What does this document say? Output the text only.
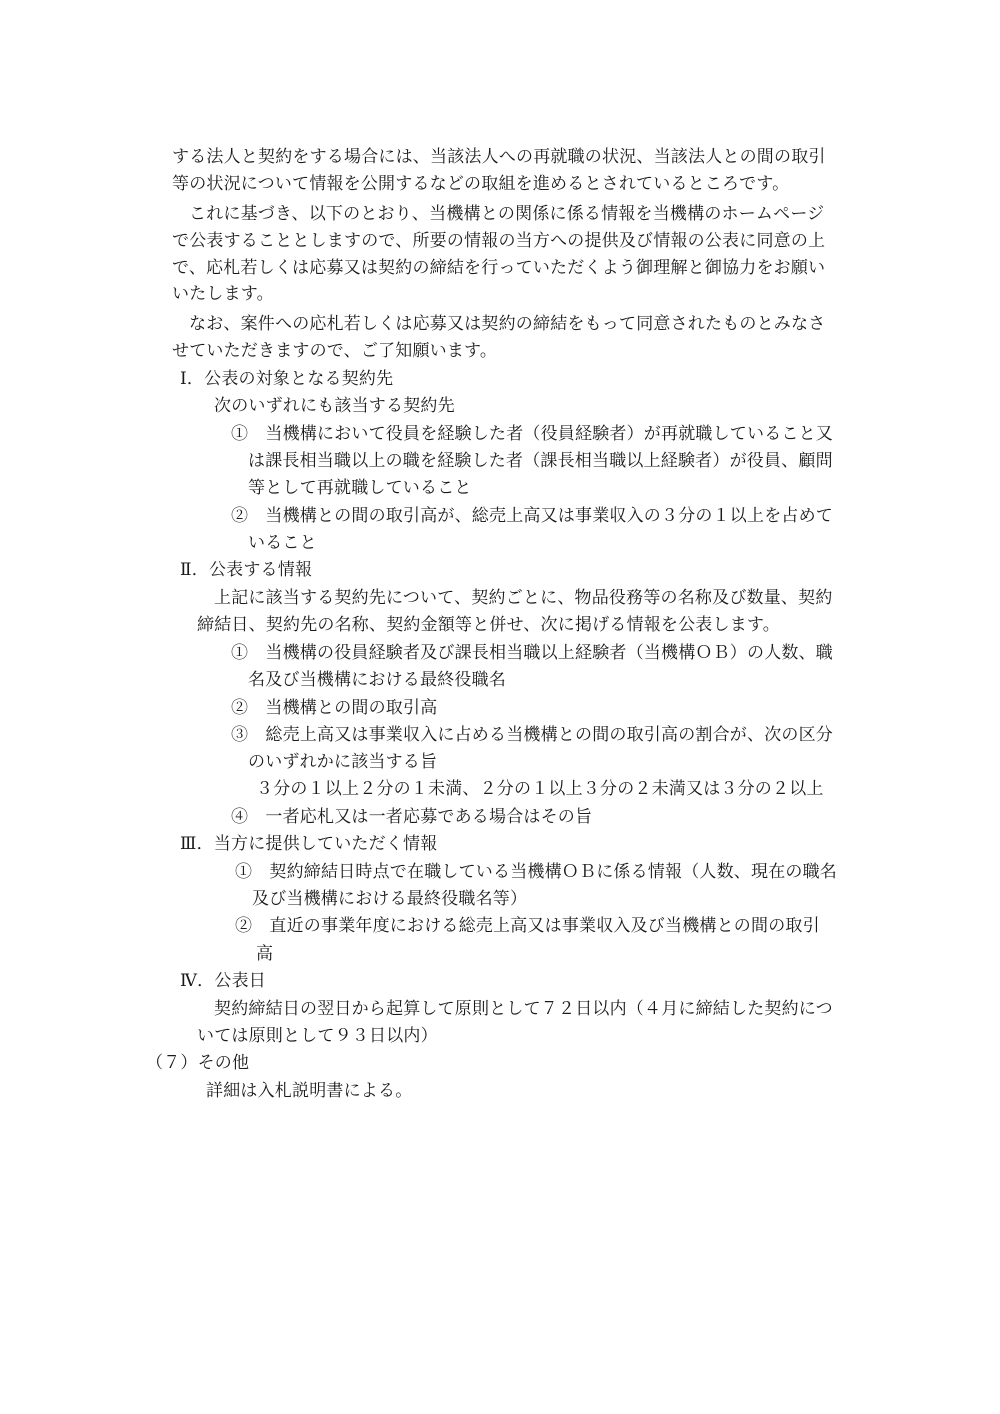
する法人と契約をする場合には、当該法人への再就職の状況、当該法人との間の取引
等の状況について情報を公開するなどの取組を進めるとされているところです。
これに基づき、以下のとおり、当機構との関係に係る情報を当機構のホームページ
で公表することとしますので、所要の情報の当方への提供及び情報の公表に同意の上
で、応札若しくは応募又は契約の締結を行っていただくよう御理解と御協力をお願い
いたします。
なお、案件への応札若しくは応募又は契約の締結をもって同意されたものとみなさ
せていただきますので、ご了知願います。
Ⅰ．公表の対象となる契約先
次のいずれにも該当する契約先
①　当機構において役員を経験した者（役員経験者）が再就職していること又
は課長相当職以上の職を経験した者（課長相当職以上経験者）が役員、顧問
等として再就職していること
②　当機構との間の取引高が、総売上高又は事業収入の３分の１以上を占めて
いること
Ⅱ．公表する情報
上記に該当する契約先について、契約ごとに、物品役務等の名称及び数量、契約
締結日、契約先の名称、契約金額等と併せ、次に掲げる情報を公表します。
①　当機構の役員経験者及び課長相当職以上経験者（当機構ＯＢ）の人数、職
名及び当機構における最終役職名
②　当機構との間の取引高
③　総売上高又は事業収入に占める当機構との間の取引高の割合が、次の区分
のいずれかに該当する旨
３分の１以上２分の１未満、２分の１以上３分の２未満又は３分の２以上
④　一者応札又は一者応募である場合はその旨
Ⅲ．当方に提供していただく情報
①　契約締結日時点で在職している当機構ＯＢに係る情報（人数、現在の職名
及び当機構における最終役職名等）
②　直近の事業年度における総売上高又は事業収入及び当機構との間の取引
高
Ⅳ．公表日
契約締結日の翌日から起算して原則として７２日以内（４月に締結した契約につ
いては原則として９３日以内）
（７）その他
詳細は入札説明書による。
